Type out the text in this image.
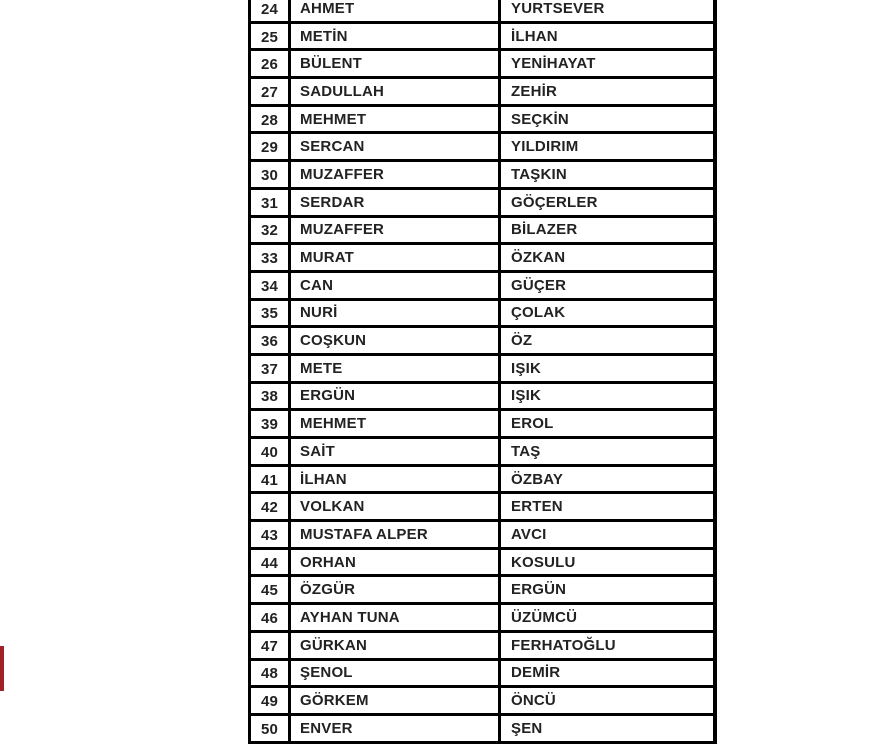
24	AHMET	YURTSEVER
25	METİN	İLHAN
26	BÜLENT	YENİHAYAT
27	SADULLAH	ZEHİR
28	MEHMET	SEÇKİN
29	SERCAN	YILDIRIM
30	MUZAFFER	TAŞKIN
31	SERDAR	GÖÇERLER
32	MUZAFFER	BİLAZER
33	MURAT	ÖZKAN
34	CAN	GÜÇER
35	NURİ	ÇOLAK
36	COŞKUN	ÖZ
37	METE	IŞIK
38	ERGÜN	IŞIK
39	MEHMET	EROL
40	SAİT	TAŞ
41	İLHAN	ÖZBAY
42	VOLKAN	ERTEN
43	MUSTAFA ALPER	AVCI
44	ORHAN	KOSULU
45	ÖZGÜR	ERGÜN
46	AYHAN TUNA	ÜZÜMCÜ
47	GÜRKAN	FERHATOĞLU
48	ŞENOL	DEMİR
49	GÖRKEM	ÖNCÜ
50	ENVER	ŞEN
